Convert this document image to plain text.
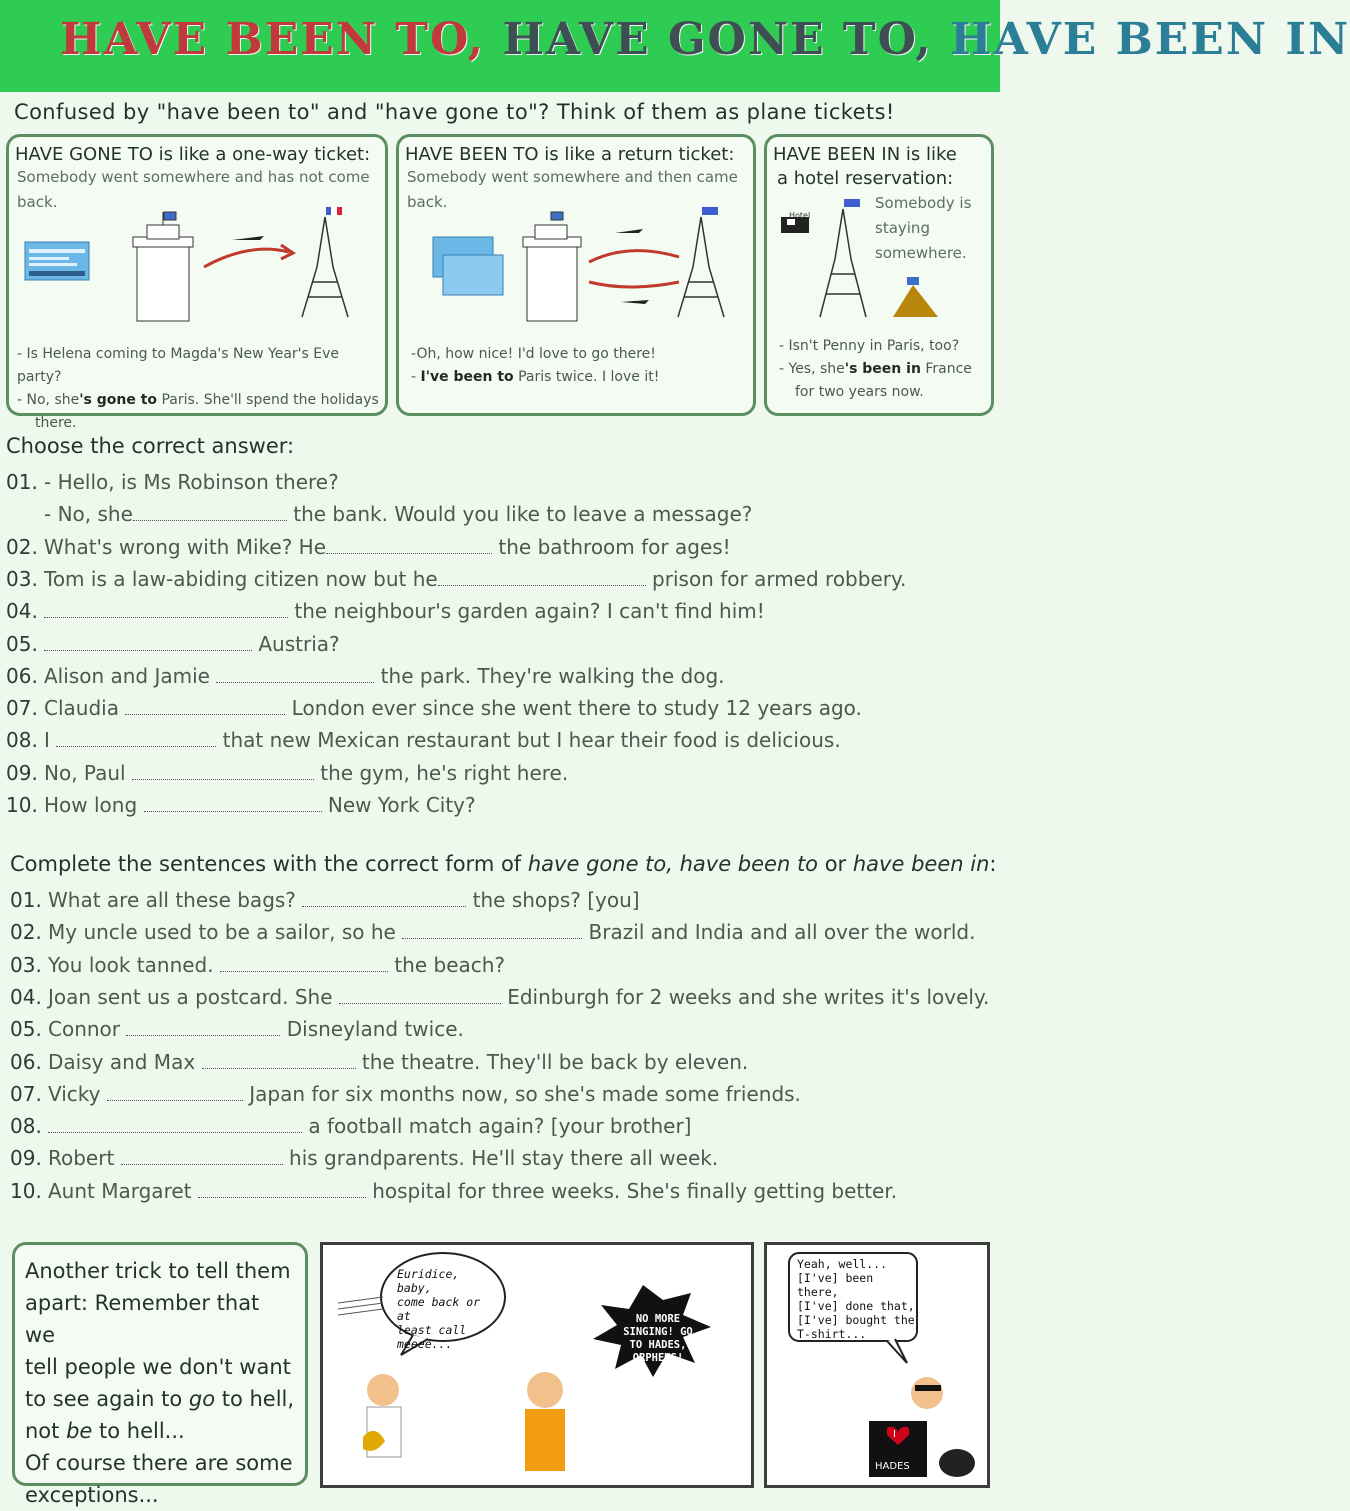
HAVE BEEN TO, HAVE GONE TO, HAVE BEEN IN
Confused by "have been to" and "have gone to"? Think of them as plane tickets!
HAVE GONE TO is like a one-way ticket:
Somebody went somewhere and has not come back.
- Is Helena coming to Magda's New Year's Eve party?
- No, she's gone to Paris. She'll spend the holidays
there.
HAVE BEEN TO is like a return ticket:
Somebody went somewhere and then came back.
-Oh, how nice! I'd love to go there!
- I've been to Paris twice. I love it!
HAVE BEEN IN is like
a hotel reservation:
Somebody is
staying
somewhere.
Hotel
- Isn't Penny in Paris, too?
- Yes, she's been in France
for two years now.
Choose the correct answer:
01. - Hello, is Ms Robinson there?
- No, she	the bank. Would you like to leave a message?
02. What's wrong with Mike? He	the bathroom for ages!
03. Tom is a law-abiding citizen now but he	prison for armed robbery.
04.	the neighbour's garden again? I can't find him!
05.	Austria?
06. Alison and Jamie	the park. They're walking the dog.
07. Claudia	London ever since she went there to study 12 years ago.
08. I	that new Mexican restaurant but I hear their food is delicious.
09. No, Paul	the gym, he's right here.
10. How long	New York City?
Complete the sentences with the correct form of have gone to, have been to or have been in:
01. What are all these bags?	the shops? [you]
02. My uncle used to be a sailor, so he	Brazil and India and all over the world.
03. You look tanned.	the beach?
04. Joan sent us a postcard. She	Edinburgh for 2 weeks and she writes it's lovely.
05. Connor	Disneyland twice.
06. Daisy and Max	the theatre. They'll be back by eleven.
07. Vicky	Japan for six months now, so she's made some friends.
08.	a football match again? [your brother]
09. Robert	his grandparents. He'll stay there all week.
10. Aunt Margaret	hospital for three weeks. She's finally getting better.
Another trick to tell them
apart: Remember that we
tell people we don't want
to see again to go to hell,
not be to hell...
Of course there are some
exceptions...
Euridice, baby,
come back or at
least call
meeee...
NO MORE
SINGING! GO
TO HADES,
ORPHEUS!
Yeah, well...
[I've] been there,
[I've] done that,
[I've] bought the
T-shirt...
I
HADES
